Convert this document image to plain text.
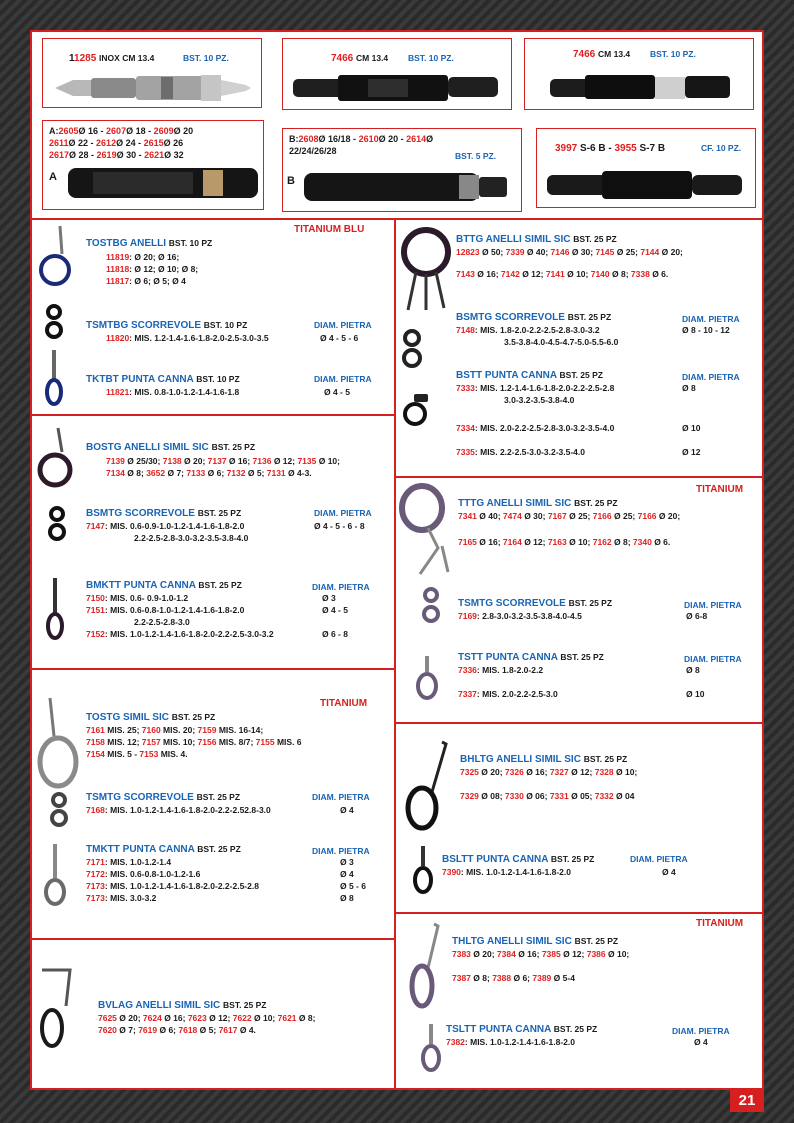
11285 INOX CM 13.4	BST. 10 PZ.	7466 CM 13.4 BST. 10 PZ.	7466 CM 13.4 BST. 10 PZ.
A:2605Ø 16 - 2607Ø 18 - 2609Ø 20
2611Ø 22 - 2612Ø 24 - 2615Ø 26
2617Ø 28 - 2619Ø 30 - 2621Ø 32
A
B:2608Ø 16/18 - 2610Ø 20 - 2614Ø
22/24/26/28	BST. 5 PZ.
B
3997 S-6 B - 3955 S-7 B	CF. 10 PZ.
TITANIUM BLU
TOSTBG ANELLI BST. 10 PZ
11819: Ø 20; Ø 16;
11818: Ø 12; Ø 10; Ø 8;
11817: Ø 6; Ø 5; Ø 4
TSMTBG SCORREVOLE BST. 10 PZ	DIAM. PIETRA
11820: MIS. 1.2-1.4-1.6-1.8-2.0-2.5-3.0-3.5	Ø 4 - 5 - 6
TKTBT PUNTA CANNA BST. 10 PZ	DIAM. PIETRA
11821: MIS. 0.8-1.0-1.2-1.4-1.6-1.8	Ø 4 - 5
BOSTG ANELLI SIMIL SIC BST. 25 PZ
7139 Ø 25/30; 7138 Ø 20; 7137 Ø 16; 7136 Ø 12; 7135 Ø 10;
7134 Ø 8; 3652 Ø 7; 7133 Ø 6; 7132 Ø 5; 7131 Ø 4-3.
BSMTG SCORREVOLE BST. 25 PZ	DIAM. PIETRA
7147: MIS. 0.6-0.9-1.0-1.2-1.4-1.6-1.8-2.0
2.2-2.5-2.8-3.0-3.2-3.5-3.8-4.0
Ø 4 - 5 - 6 - 8
BMKTT PUNTA CANNA BST. 25 PZ	DIAM. PIETRA
7150: MIS. 0.6- 0.9-1.0-1.2	Ø 3
7151: MIS. 0.6-0.8-1.0-1.2-1.4-1.6-1.8-2.0	Ø 4 - 5
2.2-2.5-2.8-3.0
7152: MIS. 1.0-1.2-1.4-1.6-1.8-2.0-2.2-2.5-3.0-3.2	Ø 6 - 8
TITANIUM
TOSTG SIMIL SIC BST. 25 PZ
7161 MIS. 25; 7160 MIS. 20; 7159 MIS. 16-14;
7158 MIS. 12; 7157 MIS. 10; 7156 MIS. 8/7; 7155 MIS. 6
7154 MIS. 5 - 7153 MIS. 4.
TSMTG SCORREVOLE BST. 25 PZ	DIAM. PIETRA
7168: MIS. 1.0-1.2-1.4-1.6-1.8-2.0-2.2-2.52.8-3.0	Ø 4
TMKTT PUNTA CANNA BST. 25 PZ	DIAM. PIETRA
7171: MIS. 1.0-1.2-1.4	Ø 3
7172: MIS. 0.6-0.8-1.0-1.2-1.6	Ø 4
7173: MIS. 1.0-1.2-1.4-1.6-1.8-2.0-2.2-2.5-2.8	Ø 5 - 6
7173: MIS. 3.0-3.2	Ø 8
BVLAG ANELLI SIMIL SIC BST. 25 PZ
7625 Ø 20; 7624 Ø 16; 7623 Ø 12; 7622 Ø 10; 7621 Ø 8;
7620 Ø 7; 7619 Ø 6; 7618 Ø 5; 7617 Ø 4.
BTTG ANELLI SIMIL SIC BST. 25 PZ
12823 Ø 50; 7339 Ø 40; 7146 Ø 30; 7145 Ø 25; 7144 Ø 20;
7143 Ø 16; 7142 Ø 12; 7141 Ø 10; 7140 Ø 8; 7338 Ø 6.
BSMTG SCORREVOLE BST. 25 PZ	DIAM. PIETRA
7148: MIS. 1.8-2.0-2.2-2.5-2.8-3.0-3.2
3.5-3.8-4.0-4.5-4.7-5.0-5.5-6.0
Ø 8 - 10 - 12
BSTT PUNTA CANNA BST. 25 PZ	DIAM. PIETRA
7333: MIS. 1.2-1.4-1.6-1.8-2.0-2.2-2.5-2.8
3.0-3.2-3.5-3.8-4.0
Ø 8
7334: MIS. 2.0-2.2-2.5-2.8-3.0-3.2-3.5-4.0	Ø 10
7335: MIS. 2.2-2.5-3.0-3.2-3.5-4.0	Ø 12
TITANIUM
TTTG ANELLI SIMIL SIC BST. 25 PZ
7341 Ø 40; 7474 Ø 30; 7167 Ø 25; 7166 Ø 25; 7166 Ø 20;
7165 Ø 16; 7164 Ø 12; 7163 Ø 10; 7162 Ø 8; 7340 Ø 6.
TSMTG SCORREVOLE BST. 25 PZ	DIAM. PIETRA
7169: 2.8-3.0-3.2-3.5-3.8-4.0-4.5	Ø 6-8
TSTT PUNTA CANNA BST. 25 PZ	DIAM. PIETRA
7336: MIS. 1.8-2.0-2.2	Ø 8
7337: MIS. 2.0-2.2-2.5-3.0	Ø 10
BHLTG ANELLI SIMIL SIC BST. 25 PZ
7325 Ø 20; 7326 Ø 16; 7327 Ø 12; 7328 Ø 10;
7329 Ø 08; 7330 Ø 06; 7331 Ø 05; 7332 Ø 04
BSLTT PUNTA CANNA BST. 25 PZ	DIAM. PIETRA
7390: MIS. 1.0-1.2-1.4-1.6-1.8-2.0	Ø 4
TITANIUM
THLTG ANELLI SIMIL SIC BST. 25 PZ
7383 Ø 20; 7384 Ø 16; 7385 Ø 12; 7386 Ø 10;
7387 Ø 8; 7388 Ø 6; 7389 Ø 5-4
TSLTT PUNTA CANNA BST. 25 PZ	DIAM. PIETRA
7382: MIS. 1.0-1.2-1.4-1.6-1.8-2.0	Ø 4
21
